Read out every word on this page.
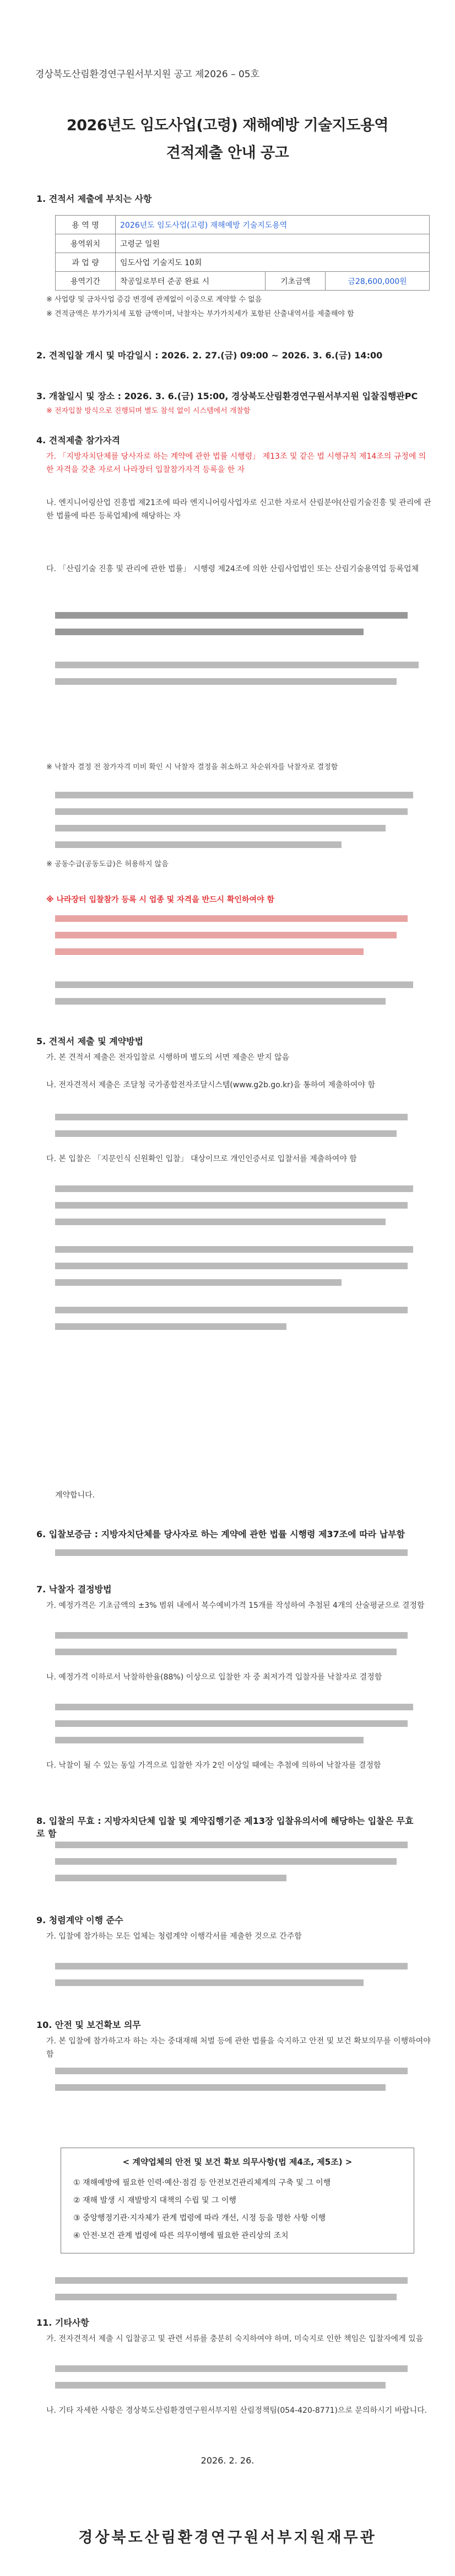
경상북도산림환경연구원서부지원 공고 제2026 – 05호
2026년도 임도사업(고령) 재해예방 기술지도용역
견적제출 안내 공고
1. 견적서 제출에 부치는 사항
용 역 명	2026년도 임도사업(고령) 재해예방 기술지도용역		
용역위치	고령군 일원		
과 업 량	임도사업 기술지도 10회		
용역기간	착공일로부터 준공 완료 시	기초금액	금28,600,000원
※ 사업량 및 금차사업 증감 변경에 관계없이 이중으로 계약할 수 없음
※ 견적금액은 부가가치세 포함 금액이며, 낙찰자는 부가가치세가 포함된 산출내역서를 제출해야 함
2. 견적입찰 개시 및 마감일시 : 2026. 2. 27.(금) 09:00 ~ 2026. 3. 6.(금) 14:00
3. 개찰일시 및 장소 : 2026. 3. 6.(금) 15:00, 경상북도산림환경연구원서부지원 입찰집행관PC
※ 전자입찰 방식으로 진행되며 별도 참석 없이 시스템에서 개찰함
4. 견적제출 참가자격
가. 「지방자치단체를 당사자로 하는 계약에 관한 법률 시행령」 제13조 및 같은 법 시행규칙 제14조의 규정에 의한 자격을 갖춘 자로서 나라장터 입찰참가자격 등록을 한 자
나. 엔지니어링산업 진흥법 제21조에 따라 엔지니어링사업자로 신고한 자로서 산림분야(산림기술진흥 및 관리에 관한 법률에 따른 등록업체)에 해당하는 자
다. 「산림기술 진흥 및 관리에 관한 법률」 시행령 제24조에 의한 산림사업법인 또는 산림기술용역업 등록업체
※ 낙찰자 결정 전 참가자격 미비 확인 시 낙찰자 결정을 취소하고 차순위자를 낙찰자로 결정함
※ 공동수급(공동도급)은 허용하지 않음
※ 나라장터 입찰참가 등록 시 업종 및 자격을 반드시 확인하여야 함
5. 견적서 제출 및 계약방법
가. 본 견적서 제출은 전자입찰로 시행하며 별도의 서면 제출은 받지 않음
나. 전자견적서 제출은 조달청 국가종합전자조달시스템(www.g2b.go.kr)을 통하여 제출하여야 함
다. 본 입찰은 「지문인식 신원확인 입찰」 대상이므로 개인인증서로 입찰서를 제출하여야 함
계약합니다.
6. 입찰보증금 : 지방자치단체를 당사자로 하는 계약에 관한 법률 시행령 제37조에 따라 납부함
7. 낙찰자 결정방법
가. 예정가격은 기초금액의 ±3% 범위 내에서 복수예비가격 15개를 작성하여 추첨된 4개의 산술평균으로 결정함
나. 예정가격 이하로서 낙찰하한율(88%) 이상으로 입찰한 자 중 최저가격 입찰자를 낙찰자로 결정함
다. 낙찰이 될 수 있는 동일 가격으로 입찰한 자가 2인 이상일 때에는 추첨에 의하여 낙찰자를 결정함
8. 입찰의 무효 : 지방자치단체 입찰 및 계약집행기준 제13장 입찰유의서에 해당하는 입찰은 무효로 함
9. 청렴계약 이행 준수
가. 입찰에 참가하는 모든 업체는 청렴계약 이행각서를 제출한 것으로 간주함
10. 안전 및 보건확보 의무
가. 본 입찰에 참가하고자 하는 자는 중대재해 처벌 등에 관한 법률을 숙지하고 안전 및 보건 확보의무를 이행하여야 함
< 계약업체의 안전 및 보건 확보 의무사항(법 제4조, 제5조) >
① 재해예방에 필요한 인력·예산·점검 등 안전보건관리체계의 구축 및 그 이행
② 재해 발생 시 재발방지 대책의 수립 및 그 이행
③ 중앙행정기관·지자체가 관계 법령에 따라 개선, 시정 등을 명한 사항 이행
④ 안전·보건 관계 법령에 따른 의무이행에 필요한 관리상의 조치
11. 기타사항
가. 전자견적서 제출 시 입찰공고 및 관련 서류를 충분히 숙지하여야 하며, 미숙지로 인한 책임은 입찰자에게 있음
나. 기타 자세한 사항은 경상북도산림환경연구원서부지원 산림정책팀(054-420-8771)으로 문의하시기 바랍니다.
2026. 2. 26.
경상북도산림환경연구원서부지원재무관
